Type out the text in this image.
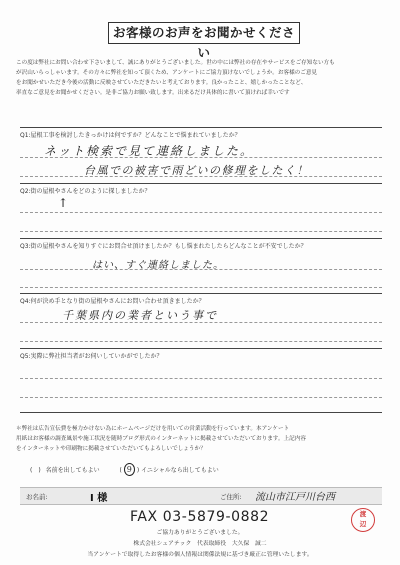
お客様のお声をお聞かせください

この度は弊社にお問い合わせ下さいまして、誠にありがとうございました。世の中には弊社の存在やサービスをご存知ない方も

が沢山いらっしゃいます。その方々に弊社を知って頂くため、アンケートにご協力頂けないでしょうか。お客様のご意見

をお聞かせいただき今後の活動に反映させていただきたいと考えております。良かったこと、嬉しかったことなど、

率直なご意見をお聞かせください。是非ご協力お願い致します。出来るだけ具体的に書いて頂ければ幸いです

Q1:屋根工事を検討したきっかけは何ですか？どんなことで悩まれていましたか？
ネット検索で見て連絡しました。
台風での被害で雨どいの修理をしたく！
Q2:街の屋根やさんをどのように探しましたか？
↑
Q3:街の屋根やさんを知りすぐにお問合せ頂けましたか？もし悩まれたしたらどんなことが不安でしたか？
はい、すぐ連絡しました。
Q4:何が決め手となり街の屋根やさんにお問い合わせ頂きましたか？
千葉県内の業者という事で
Q5:実際に弊社担当者がお伺いしていかがでしたか？

＊弊社は広告宣伝費を極力かけない為にホームページだけを用いての営業活動を行っています。本アンケート

用紙はお客様の調査風景や施工状況を随時ブログ形式のインターネットに掲載させていただいております。上記内容

をインターネットや印刷物に掲載させていただいてもよろしいでしょうか？

(　) 名前を出してもよい	( 9 ) イニシャルなら出してもよい
お名前:	I 様	ご住所: 流山市江戸川台西
FAX 03-5879-0882	渡
辺
ご協力ありがとうございました。
株式会社シェアテック　代表取締役　大久保　誠二
当アンケートで取得したお客様の個人情報は関係法規に基づき厳正に管理いたします。
